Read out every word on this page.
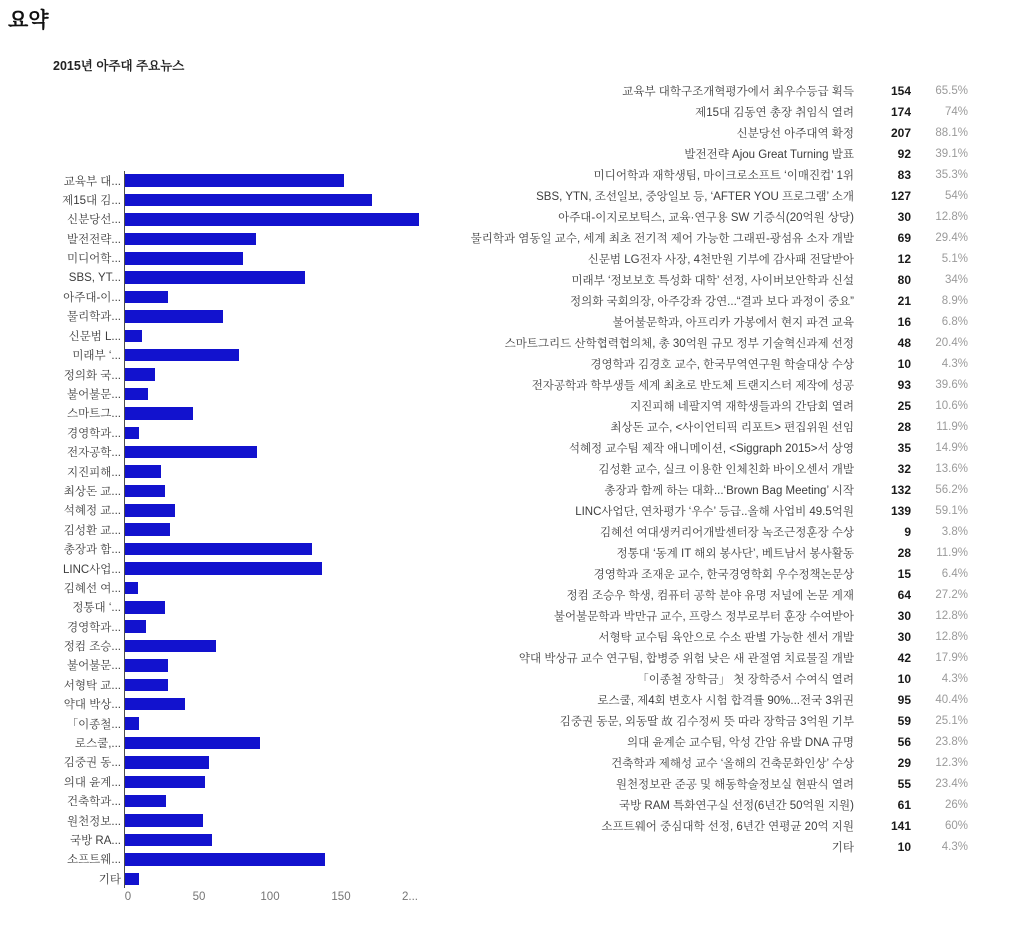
요약
2015년 아주대 주요뉴스
교육부 대...
제15대 김...
신분당선...
발전전략...
미디어학...
SBS, YT...
아주대-이...
물리학과...
신문범 L...
미래부 ‘...
정의화 국...
불어불문...
스마트그...
경영학과...
전자공학...
지진피해...
최상돈 교...
석혜정 교...
김성환 교...
총장과 함...
LINC사업...
김혜선 여...
정통대 ‘...
경영학과...
정컴 조승...
불어불문...
서형탁 교...
약대 박상...
「이종철...
로스쿨,...
김중권 동...
의대 윤계...
건축학과...
원천정보...
국방 RA...
소프트웨...
기타
0	50	100	150	2...
교육부 대학구조개혁평가에서 최우수등급 획득	154	65.5%
제15대 김동연 총장 취임식 열려	174	74%
신분당선 아주대역 확정	207	88.1%
발전전략 Ajou Great Turning 발표	92	39.1%
미디어학과 재학생팀, 마이크로소프트 ‘이매진컵’ 1위	83	35.3%
SBS, YTN, 조선일보, 중앙일보 등, ‘AFTER YOU 프로그램’ 소개	127	54%
아주대-이지로보틱스, 교육·연구용 SW 기증식(20억원 상당)	30	12.8%
물리학과 염동일 교수, 세계 최초 전기적 제어 가능한 그래핀-광섬유 소자 개발	69	29.4%
신문범 LG전자 사장, 4천만원 기부에 감사패 전달받아	12	5.1%
미래부 ‘정보보호 특성화 대학’ 선정, 사이버보안학과 신설	80	34%
정의화 국회의장, 아주강좌 강연...“결과 보다 과정이 중요”	21	8.9%
불어불문학과, 아프리카 가봉에서 현지 파견 교육	16	6.8%
스마트그리드 산학협력협의체, 총 30억원 규모 정부 기술혁신과제 선정	48	20.4%
경영학과 김경호 교수, 한국무역연구원 학술대상 수상	10	4.3%
전자공학과 학부생들 세계 최초로 반도체 트랜지스터 제작에 성공	93	39.6%
지진피해 네팔지역 재학생들과의 간담회 열려	25	10.6%
최상돈 교수, <사이언티픽 리포트> 편집위원 선임	28	11.9%
석혜정 교수팀 제작 애니메이션, <Siggraph 2015>서 상영	35	14.9%
김성환 교수, 실크 이용한 인체친화 바이오센서 개발	32	13.6%
총장과 함께 하는 대화...‘Brown Bag Meeting’ 시작	132	56.2%
LINC사업단, 연차평가 ‘우수’ 등급..올해 사업비 49.5억원	139	59.1%
김혜선 여대생커리어개발센터장 녹조근정훈장 수상	9	3.8%
정통대 ‘동계 IT 해외 봉사단’, 베트남서 봉사활동	28	11.9%
경영학과 조재운 교수, 한국경영학회 우수정책논문상	15	6.4%
정컴 조승우 학생, 컴퓨터 공학 분야 유명 저널에 논문 게재	64	27.2%
불어불문학과 박만규 교수, 프랑스 정부로부터 훈장 수여받아	30	12.8%
서형탁 교수팀 육안으로 수소 판별 가능한 센서 개발	30	12.8%
약대 박상규 교수 연구팀, 합병증 위험 낮은 새 관절염 치료물질 개발	42	17.9%
「이종철 장학금」 첫 장학증서 수여식 열려	10	4.3%
로스쿨, 제4회 변호사 시험 합격률 90%...전국 3위권	95	40.4%
김중권 동문, 외동딸 故 김수정씨 뜻 따라 장학금 3억원 기부	59	25.1%
의대 윤계순 교수팀, 악성 간암 유발 DNA 규명	56	23.8%
건축학과 제해성 교수 ‘올해의 건축문화인상’ 수상	29	12.3%
원천정보관 준공 및 해동학술정보실 현판식 열려	55	23.4%
국방 RAM 특화연구실 선정(6년간 50억원 지원)	61	26%
소프트웨어 중심대학 선정, 6년간 연평균 20억 지원	141	60%
기타	10	4.3%
